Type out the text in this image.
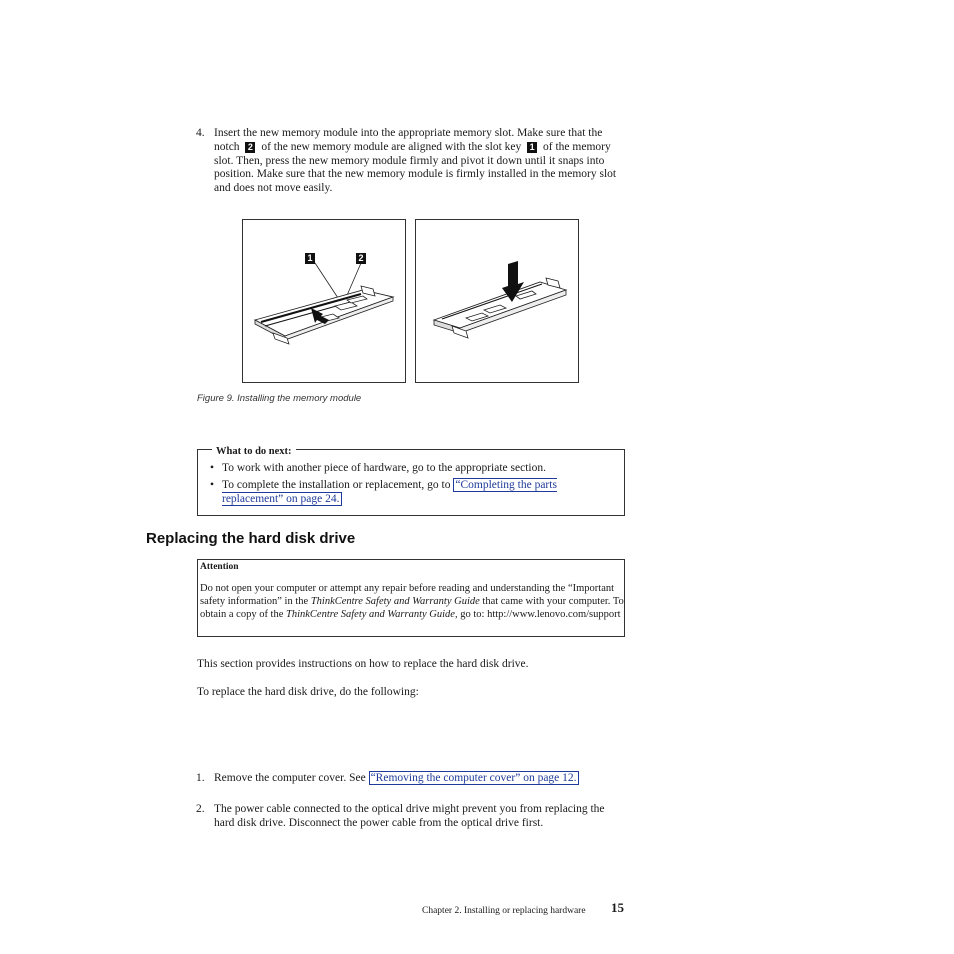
4. Insert the new memory module into the appropriate memory slot. Make sure that the notch 2 of the new memory module are aligned with the slot key 1 of the memory slot. Then, press the new memory module firmly and pivot it down until it snaps into position. Make sure that the new memory module is firmly installed in the memory slot and does not move easily.
1	2
Figure 9. Installing the memory module
What to do next:
• To work with another piece of hardware, go to the appropriate section.
• To complete the installation or replacement, go to “Completing the parts replacement” on page 24.
Replacing the hard disk drive
Attention
Do not open your computer or attempt any repair before reading and understanding the “Important safety information” in the ThinkCentre Safety and Warranty Guide that came with your computer. To obtain a copy of the ThinkCentre Safety and Warranty Guide, go to: http://www.lenovo.com/support
This section provides instructions on how to replace the hard disk drive.
To replace the hard disk drive, do the following:
1. Remove the computer cover. See “Removing the computer cover” on page 12.
2. The power cable connected to the optical drive might prevent you from replacing the hard disk drive. Disconnect the power cable from the optical drive first.
Chapter 2. Installing or replacing hardware 15
